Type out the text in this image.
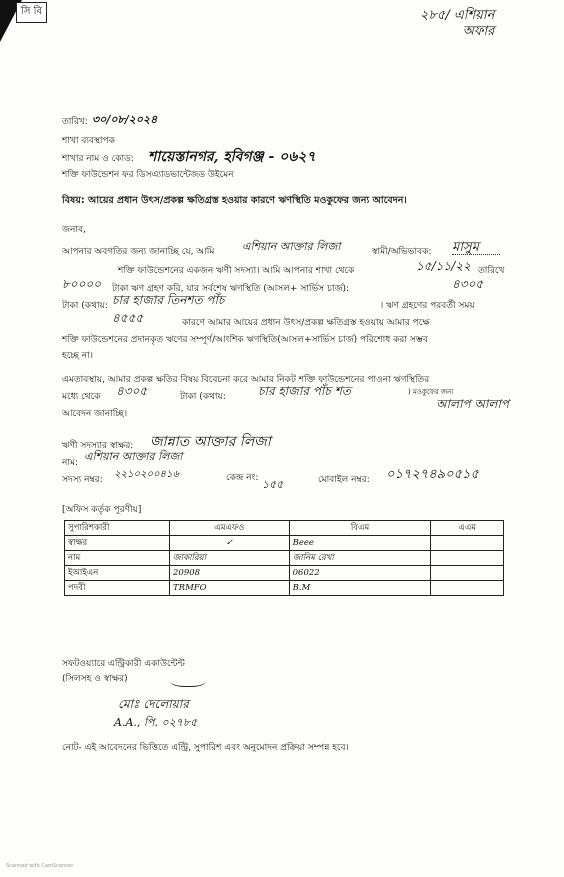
সি বি	২৮৫/ এশিয়ান
অফার
তারিখ: ৩০/০৮/২০২৪
শাখা ব্যবস্থাপক
শাখার নাম ও কোড: শায়েস্তানগর, হবিগঞ্জ - ০৬২৭
শক্তি ফাউন্ডেশন ফর ডিসএ্যাডভান্টেজড উইমেন
বিষয়: আয়ের প্রধান উৎস/প্রকল্প ক্ষতিগ্রস্ত হওয়ার কারণে ঋণস্থিতি মওকুফের জন্য আবেদন।
জনাব,
আপনার অবগতির জন্য জানাচ্ছি যে, আমি	এশিয়ান আক্তার লিজা	স্বামী/অভিভাবক: মাসুম
শক্তি ফাউন্ডেশনের একজন ঋণী সদস্যা। আমি আপনার শাখা থেকে	১৫/১১/২২ তারিখে
৮০০০০ টাকা ঋণ গ্রহণ করি, যার সর্বশেষ ঋণস্থিতি (আসল+ সার্ভিস চার্জ):	৪৩০৫
টাকা (কথায়: চার হাজার তিনশত পাঁচ	। ঋণ গ্রহণের পরবর্তী সময়
৪৫৫৫	কারণে আমার আয়ের প্রধান উৎস/প্রকল্প ক্ষতিগ্রস্ত হওয়ায় আমার পক্ষে
শক্তি ফাউন্ডেশনের প্রদানকৃত ঋণের সম্পূর্ণ/আংশিক ঋণস্থিতি(আসল+সার্ভিস চার্জ) পরিশোধ করা সম্ভব
হচ্ছে না।
এমতাবস্থায়, আমার প্রকল্প ক্ষতির বিষয় বিবেচনা করে আমার নিকট শক্তি ফাউন্ডেশনের পাওনা ঋণস্থিতির
মধ্যে থেকে ৪৩০৫	টাকা (কথায়:	চার হাজার পাঁচ শত	) মওকুফের জন্য
আবেদন জানাচ্ছি।
আলাপ আলাপ
ঋণী সদস্যার স্বাক্ষর: জান্নাত আক্তার লিজা
নাম: এশিয়ান আক্তার লিজা
সদস্য নম্বর: ২২১০২০০৪১৬	কেন্দ্র নং: ১৫৫	মোবাইল নম্বর: ০১৭২৭৪৯০৫১৫
[অফিস কর্তৃক পূরণীয়]
সুপারিশকারী	এমএফও	বিএম	এএম
স্বাক্ষর	✓	Beee	
নাম	জাকারিয়া	জানিম রেখা	
ইআইএন	20908	06022	
পদবী	TRMFO	B.M	
সফটওয়্যারে এন্ট্রিকারী একাউন্টেন্ট
(সিলসহ ও স্বাক্ষর)
মোঃ দেলোয়ার
A.A., পি. ০২৭৮৫
নোট- এই আবেদনের ভিত্তিতে এন্ট্রি, সুপারিশ এবং অনুমোদন প্রক্রিয়া সম্পন্ন হবে।
Scanned with CamScanner
